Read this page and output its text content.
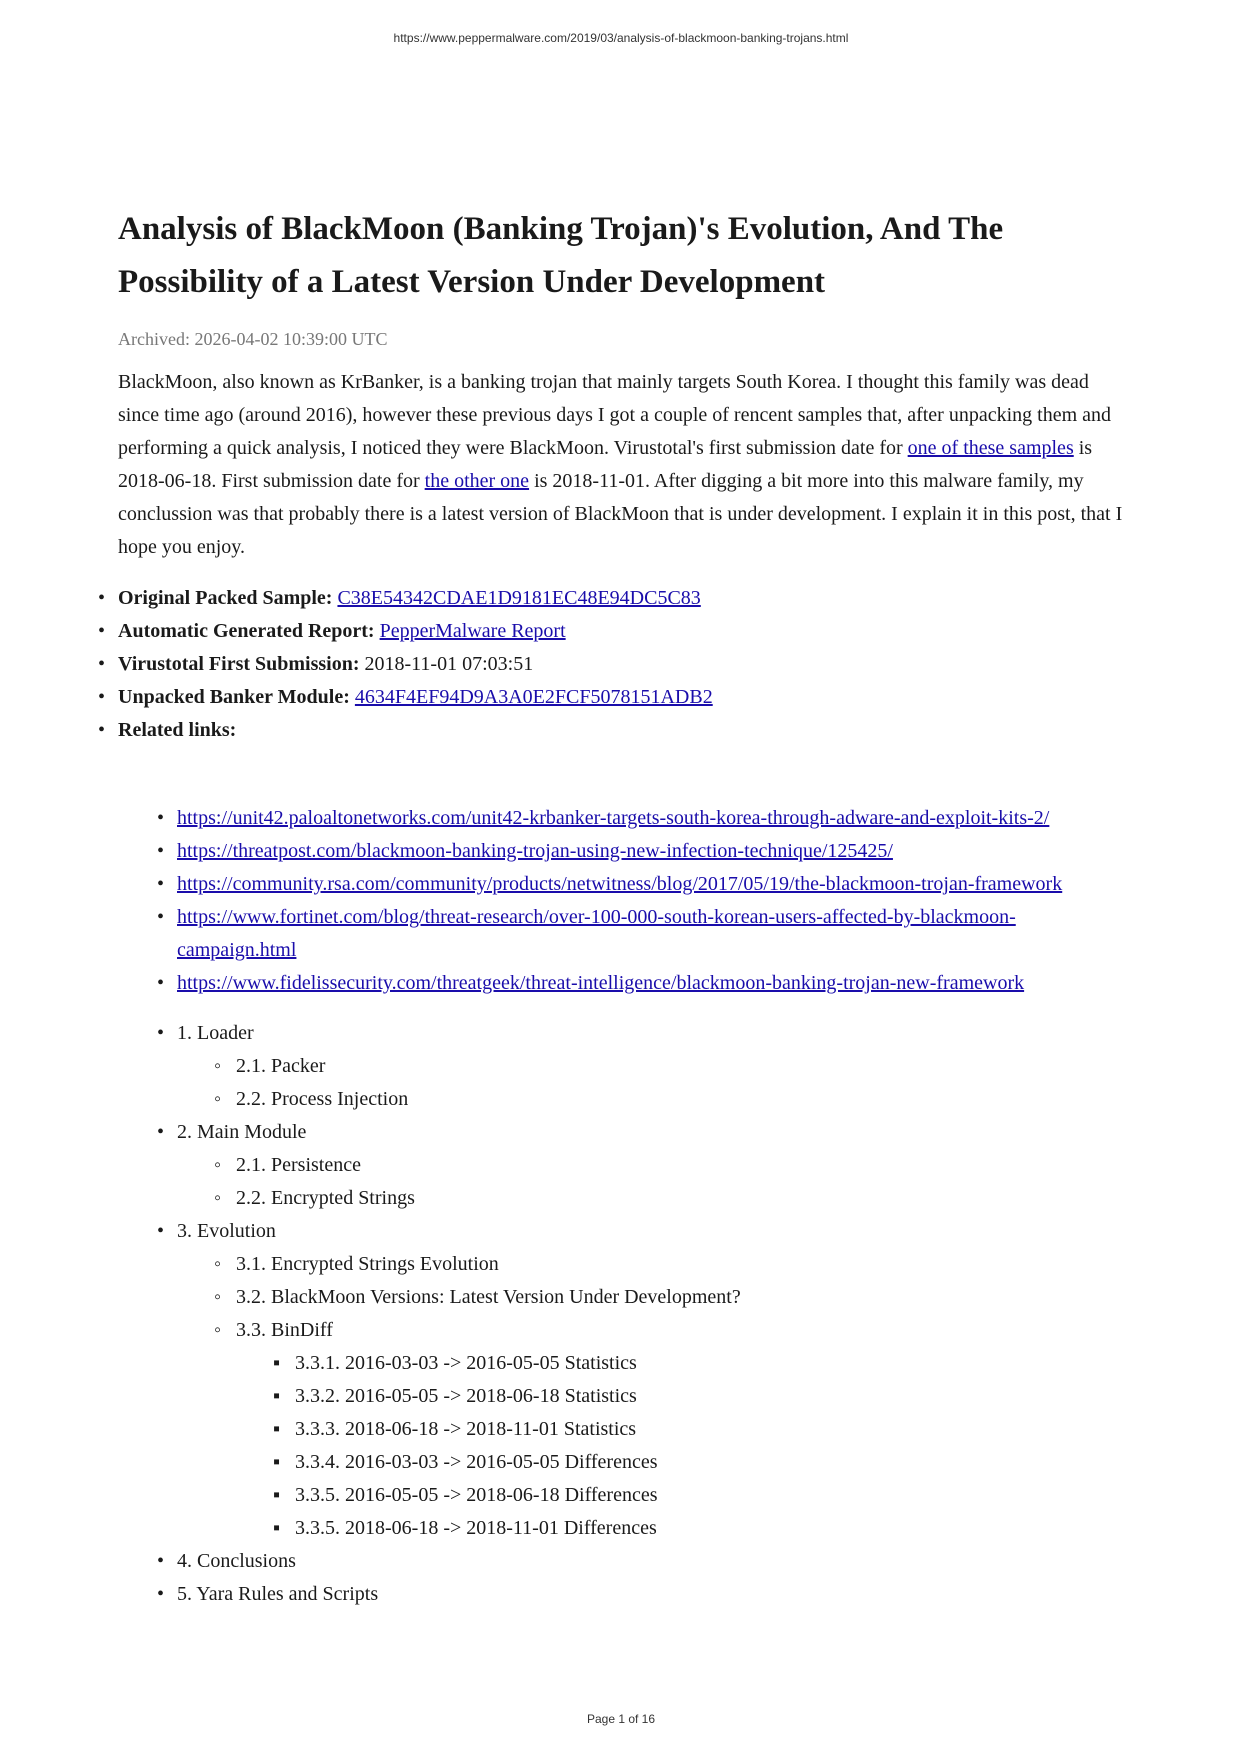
https://www.peppermalware.com/2019/03/analysis-of-blackmoon-banking-trojans.html
Analysis of BlackMoon (Banking Trojan)'s Evolution, And The Possibility of a Latest Version Under Development
Archived: 2026-04-02 10:39:00 UTC

BlackMoon, also known as KrBanker, is a banking trojan that mainly targets South Korea. I thought this family was dead since time ago (around 2016), however these previous days I got a couple of rencent samples that, after unpacking them and performing a quick analysis, I noticed they were BlackMoon. Virustotal's first submission date for one of these samples is 2018-06-18. First submission date for the other one is 2018-11-01. After digging a bit more into this malware family, my conclussion was that probably there is a latest version of BlackMoon that is under development. I explain it in this post, that I hope you enjoy.

• Original Packed Sample: C38E54342CDAE1D9181EC48E94DC5C83
• Automatic Generated Report: PepperMalware Report
• Virustotal First Submission: 2018-11-01 07:03:51
• Unpacked Banker Module: 4634F4EF94D9A3A0E2FCF5078151ADB2
• Related links:
• https://unit42.paloaltonetworks.com/unit42-krbanker-targets-south-korea-through-adware-and-exploit-kits-2/
• https://threatpost.com/blackmoon-banking-trojan-using-new-infection-technique/125425/
• https://community.rsa.com/community/products/netwitness/blog/2017/05/19/the-blackmoon-trojan-framework
• https://www.fortinet.com/blog/threat-research/over-100-000-south-korean-users-affected-by-blackmoon-campaign.html
• https://www.fidelissecurity.com/threatgeek/threat-intelligence/blackmoon-banking-trojan-new-framework
• 1. Loader
◦ 2.1. Packer
◦ 2.2. Process Injection
• 2. Main Module
◦ 2.1. Persistence
◦ 2.2. Encrypted Strings
• 3. Evolution
◦ 3.1. Encrypted Strings Evolution
◦ 3.2. BlackMoon Versions: Latest Version Under Development?
◦ 3.3. BinDiff
▪ 3.3.1. 2016-03-03 -> 2016-05-05 Statistics
▪ 3.3.2. 2016-05-05 -> 2018-06-18 Statistics
▪ 3.3.3. 2018-06-18 -> 2018-11-01 Statistics
▪ 3.3.4. 2016-03-03 -> 2016-05-05 Differences
▪ 3.3.5. 2016-05-05 -> 2018-06-18 Differences
▪ 3.3.5. 2018-06-18 -> 2018-11-01 Differences
• 4. Conclusions
• 5. Yara Rules and Scripts
Page 1 of 16
